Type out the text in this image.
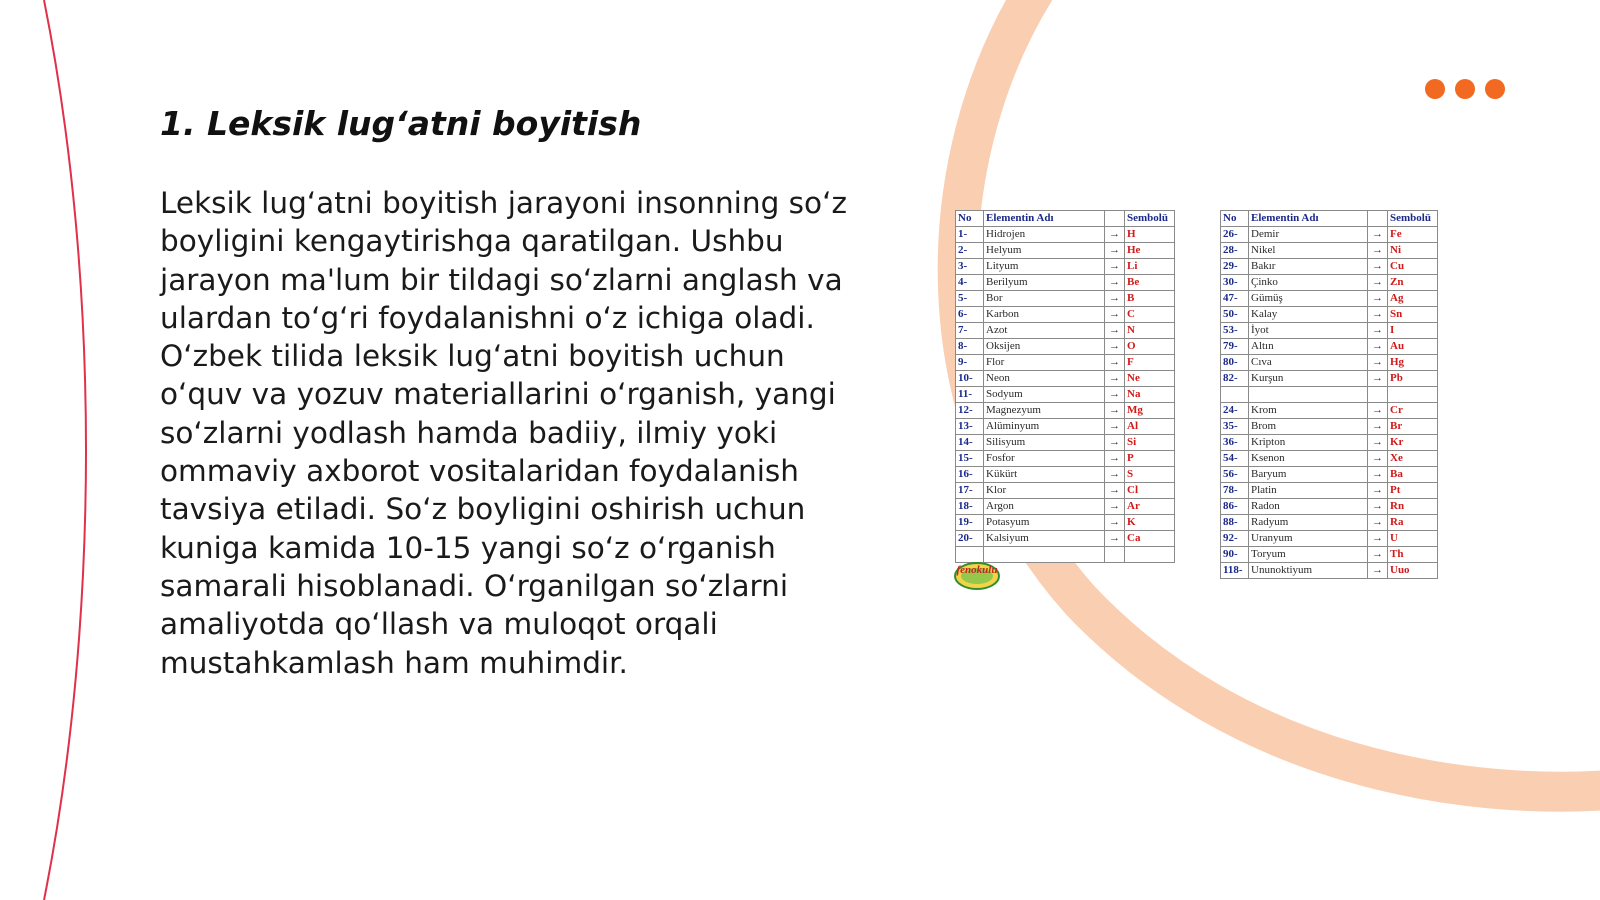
1. Leksik lug‘atni boyitish

Leksik lug‘atni boyitish jarayoni insonning so‘z boyligini kengaytirishga qaratilgan. Ushbu jarayon ma'lum bir tildagi so‘zlarni anglash va ulardan to‘g‘ri foydalanishni o‘z ichiga oladi. O‘zbek tilida leksik lug‘atni boyitish uchun o‘quv va yozuv materiallarini o‘rganish, yangi so‘zlarni yodlash hamda badiiy, ilmiy yoki ommaviy axborot vositalaridan foydalanish tavsiya etiladi. So‘z boyligini oshirish uchun kuniga kamida 10-15 yangi so‘z o‘rganish samarali hisoblanadi. O‘rganilgan so‘zlarni amaliyotda qo‘llash va muloqot orqali mustahkamlash ham muhimdir.

No	Elementin Adı		Sembolü
1-	Hidrojen	→	H
2-	Helyum	→	He
3-	Lityum	→	Li
4-	Berilyum	→	Be
5-	Bor	→	B
6-	Karbon	→	C
7-	Azot	→	N
8-	Oksijen	→	O
9-	Flor	→	F
10-	Neon	→	Ne
11-	Sodyum	→	Na
12-	Magnezyum	→	Mg
13-	Alüminyum	→	Al
14-	Silisyum	→	Si
15-	Fosfor	→	P
16-	Kükürt	→	S
17-	Klor	→	Cl
18-	Argon	→	Ar
19-	Potasyum	→	K
20-	Kalsiyum	→	Ca

No	Elementin Adı		Sembolü
26-	Demir	→	Fe
28-	Nikel	→	Ni
29-	Bakır	→	Cu
30-	Çinko	→	Zn
47-	Gümüş	→	Ag
50-	Kalay	→	Sn
53-	İyot	→	I
79-	Altın	→	Au
80-	Cıva	→	Hg
82-	Kurşun	→	Pb

24-	Krom	→	Cr
35-	Brom	→	Br
36-	Kripton	→	Kr
54-	Ksenon	→	Xe
56-	Baryum	→	Ba
78-	Platin	→	Pt
86-	Radon	→	Rn
88-	Radyum	→	Ra
92-	Uranyum	→	U
90-	Toryum	→	Th
118-	Ununoktiyum	→	Uuo
fenokulu
